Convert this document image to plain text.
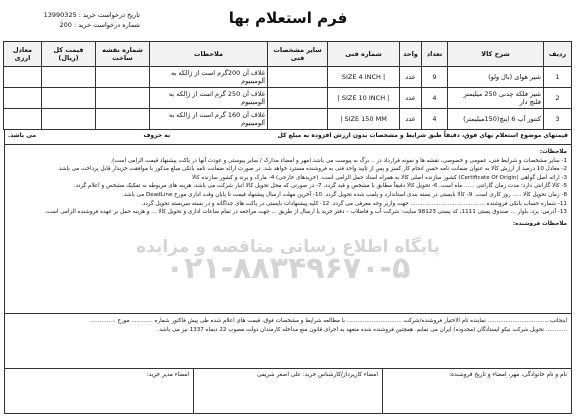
فرم استعلام بها
تاریخ درخواست خرید : 13990325
شماره درخواست خرید : 200
ردیف	شرح کالا	تعداد	واحد	شماره فنی	سایر مشخصات فنی	ملاحظات	شماره نقشه ساخت	قیمت کل (ریال)	معادل ارزی
1	شیر هوای (بال ولو)	9	عدد	SIZE 4 INCH |		غلاف آن 200گرم است از ژالکه به آلومینیوم			
2	شیر فلکه چدنی 250 میلیمتر فلنچ دار	4	عدد	| SIZE 10 INCH |		غلاف آن 250 گرم است از ژالکه به آلومینیوم			
3	کنتور آب 6 اینچ(150میلیمتر)	4	عدد	| SIZE 150 MM		غلاف آن 160 گرم است از ژالکه به آلومینیوم			
قیمتهای موضوع استعلام بهای فوق، دقیقاً طبق شرایط و مشخصات بدون ارزش افزوده به مبلغ کل
به حروف
می باشد.
ملاحظات:
1- سایر مشخصات و شرایط فنی، عمومی و خصوصی، نقشه ها و نمونه قرارداد در .. برگ به پیوست می باشد.(مهر و امضاء مدارک / سایر پیوستی و عودت آنها در پاکت پیشنهاد قیمت الزامی است).
2- معادل 10 درصد از ارزش کالا به عنوان ضمانت نامه حسن انجام کار کسر و پس از تایید واحد فنی به فروشنده مسترد خواهد شد. در صورت ارائه ضمانت نامه بانکی مبلغ مذکور با موافقت خریدار قابل پرداخت می باشد.
3- ارائه اصل گواهی (Certificate Of Origin) کشور سازنده اصلی کالا به همراه اسناد حمل الزامی است. (خریدهای خارجی) 4- مارک و برند و کشور سازنده کالا
5- کالا گارانتی دارد؛ مدت زمان گارانتی ...... ماه است. 6- تحویل کالا دقیقاً مطابق با مشخص و قید گردد. 7- در صورتی که محل تحویل کالا انبار شرکت می باشد، هزینه های مربوطه به تفکیک مشخص و اعلام گردد.
8- زمان تحویل کالا ..... روز کاری است. 9- کالا بایستی در بسته بندی استاندارد و پلمب شده تحویل گردد. 10- آخرین مهلت ارسال پیشنهاد قیمت تا پایان وقت اداری مورخ DeadLine می باشد.
11- شماره حساب بانکی فروشنده .......................................... جهت واریز وجه معرفی می گردد. 12- کلیه پیشنهادات بایستی در پاکت های جداگانه و در بسته سربسته تحویل گردد.
13- آدرس: یزد، بلوار ... صندوق پستی 1111، کد پستی 98123 سایت: شرکت آب و فاضلاب – دفتر خرید یا ارسال از طریق ... جهت مراجعه در تمام ساعات اداری و تحویل کالا ... و هزینه حمل بر عهده فروشنده الزامی است.
ملاحظات فروشنده:
پایگاه اطلاع رسانی مناقصه و مزایده
۰۲۱-۸۸۳۴۹۶۷۰-۵
اینجانب .................................. نماینده تام الاختیار فروشنده/شرکت ............................... با مطالعه شرایط و مشخصات فوق، قیمت های اعلام شده طی پیش فاکتور شماره ............ مورخ ..............
............ تحویل شرکت نیکو ایستادگان (محدوده) ایران می نمایم. همچنین فروشنده شده متعهد به اجرای قانون منع مداخله کارمندان دولت مصوب 22 دیماه 1337 نیز می باشد.
نام و نام خانوادگی، مهر، امضاء و تاریخ فروشنده:
امضاء کارپرداز/کارشناس خرید: علی اصغر شریفی
امضاء مدیر خرید:
